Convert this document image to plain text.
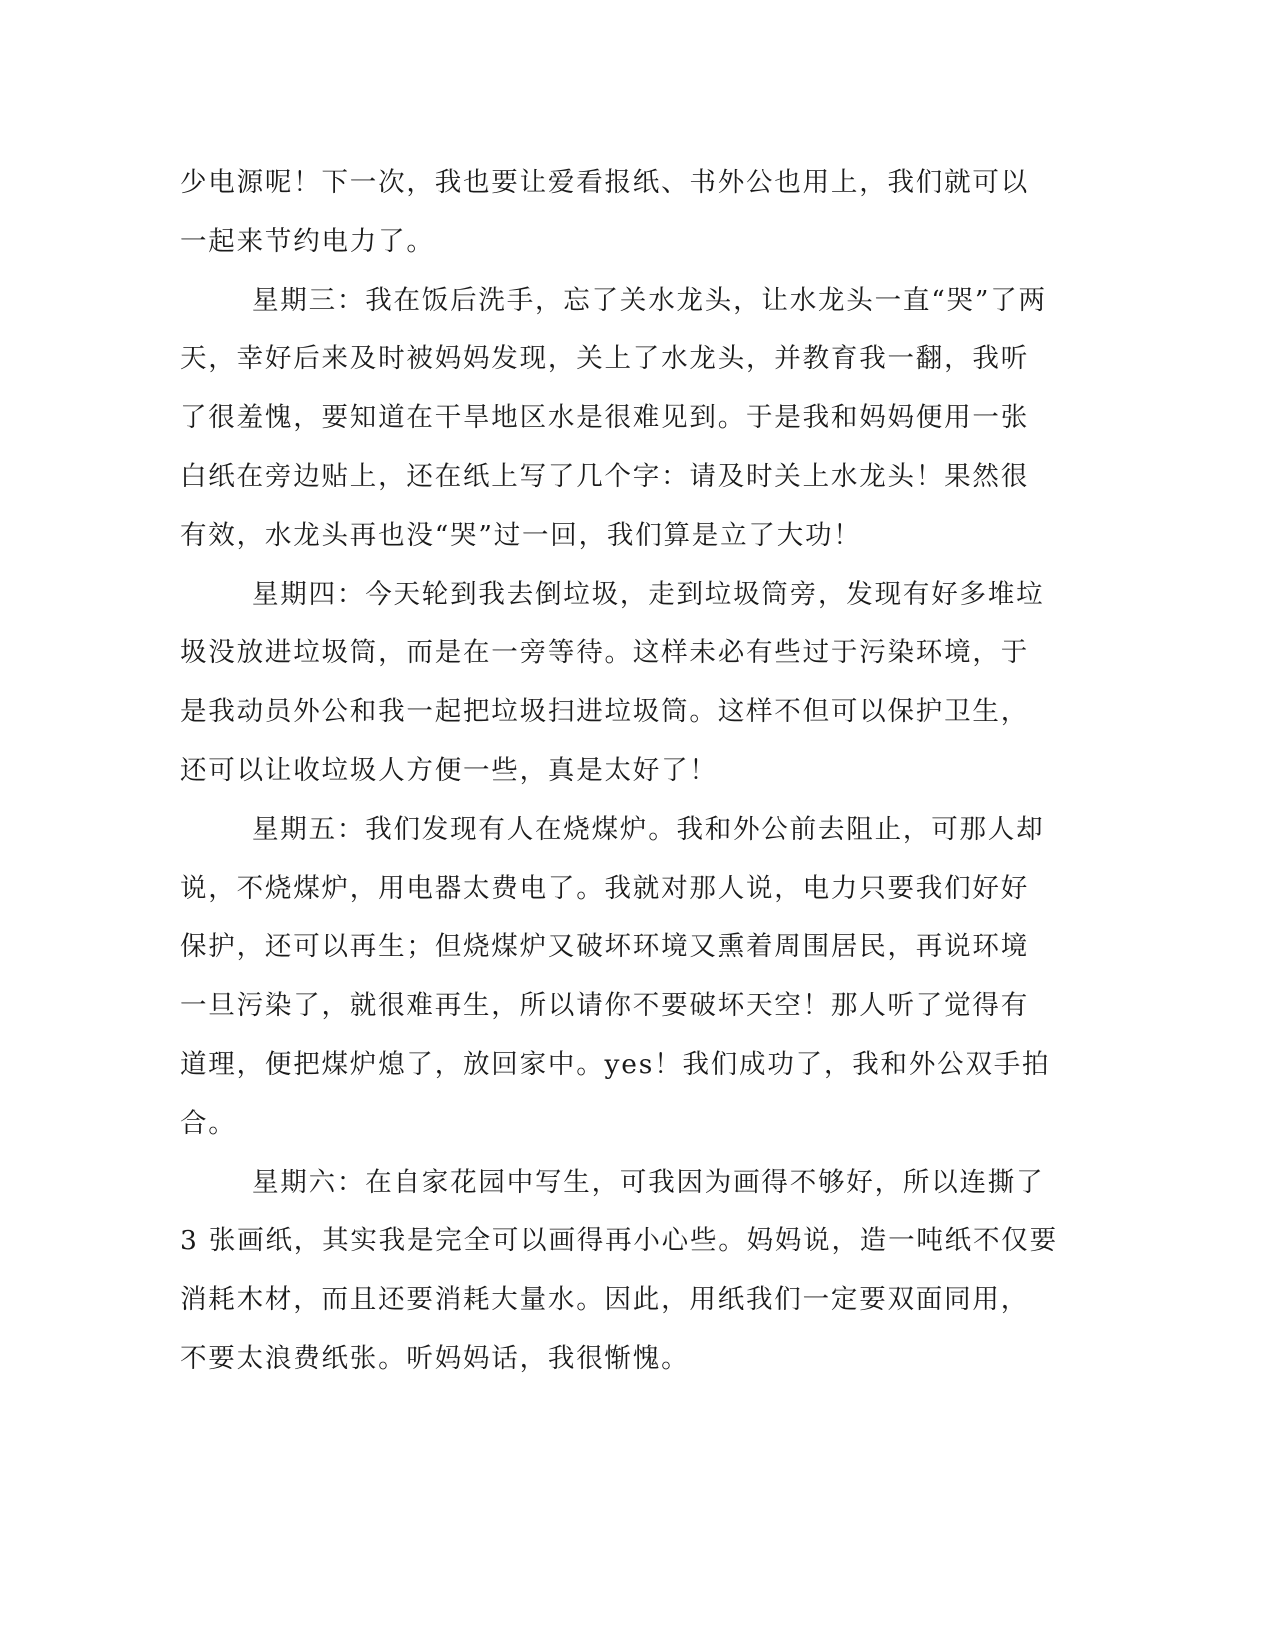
少电源呢！下一次，我也要让爱看报纸、书外公也用上，我们就可以
一起来节约电力了。
星期三：我在饭后洗手，忘了关水龙头，让水龙头一直“哭”了两
天，幸好后来及时被妈妈发现，关上了水龙头，并教育我一翻，我听
了很羞愧，要知道在干旱地区水是很难见到。于是我和妈妈便用一张
白纸在旁边贴上，还在纸上写了几个字：请及时关上水龙头！果然很
有效，水龙头再也没“哭”过一回，我们算是立了大功！
星期四：今天轮到我去倒垃圾，走到垃圾筒旁，发现有好多堆垃
圾没放进垃圾筒，而是在一旁等待。这样未必有些过于污染环境，于
是我动员外公和我一起把垃圾扫进垃圾筒。这样不但可以保护卫生，
还可以让收垃圾人方便一些，真是太好了！
星期五：我们发现有人在烧煤炉。我和外公前去阻止，可那人却
说，不烧煤炉，用电器太费电了。我就对那人说，电力只要我们好好
保护，还可以再生；但烧煤炉又破坏环境又熏着周围居民，再说环境
一旦污染了，就很难再生，所以请你不要破坏天空！那人听了觉得有
道理，便把煤炉熄了，放回家中。yes！我们成功了，我和外公双手拍
合。
星期六：在自家花园中写生，可我因为画得不够好，所以连撕了
3 张画纸，其实我是完全可以画得再小心些。妈妈说，造一吨纸不仅要
消耗木材，而且还要消耗大量水。因此，用纸我们一定要双面同用，
不要太浪费纸张。听妈妈话，我很惭愧。
